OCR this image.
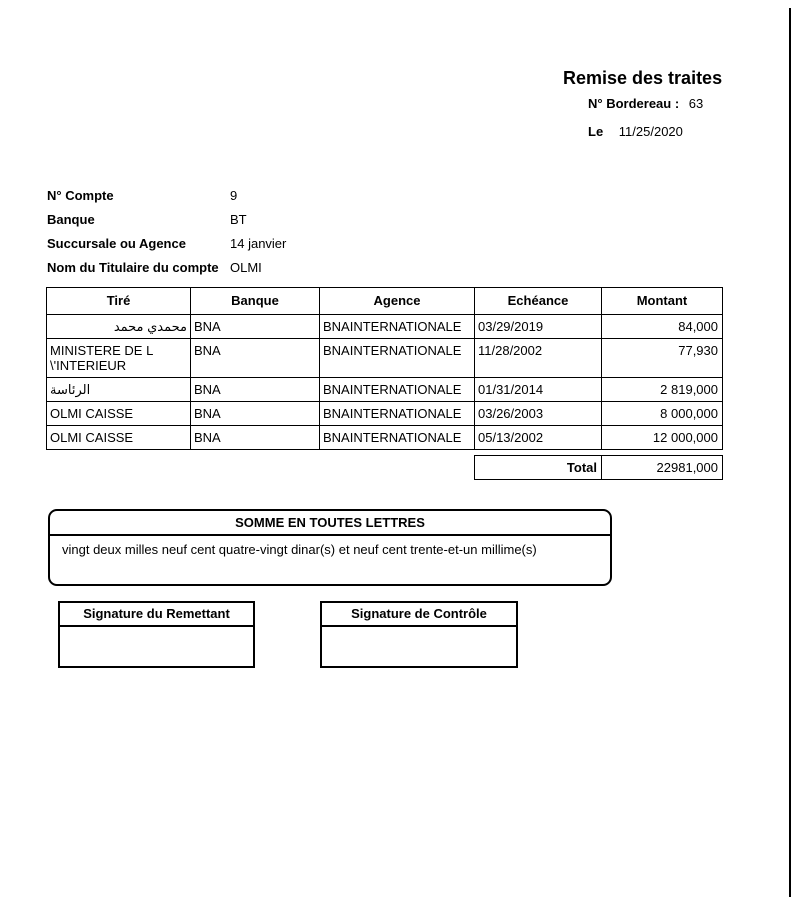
Remise des traites
N° Bordereau : 63
Le 11/25/2020
N° Compte	9
Banque	BT
Succursale ou Agence	14 janvier
Nom du Titulaire du compte OLMI
Tiré	Banque	Agence	Echéance	Montant
محمدي محمد	BNA	BNAINTERNATIONALE	03/29/2019	84,000
MINISTERE DE L \'INTERIEUR	BNA	BNAINTERNATIONALE	11/28/2002	77,930
الرئاسة	BNA	BNAINTERNATIONALE	01/31/2014	2 819,000
OLMI CAISSE	BNA	BNAINTERNATIONALE	03/26/2003	8 000,000
OLMI CAISSE	BNA	BNAINTERNATIONALE	05/13/2002	12 000,000
Total	22981,000
SOMME EN TOUTES LETTRES
vingt deux milles neuf cent quatre-vingt dinar(s) et neuf cent trente-et-un millime(s)
Signature du Remettant	Signature de Contrôle
